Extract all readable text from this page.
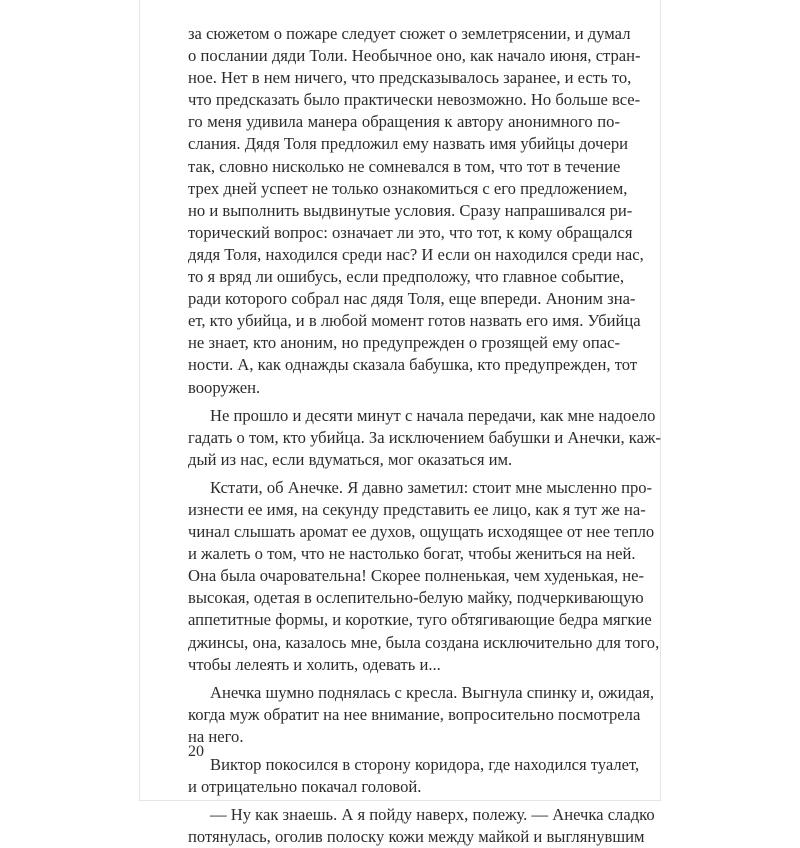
за сюжетом о пожаре следует сюжет о землетрясении, и думал
о послании дяди Толи. Необычное оно, как начало июня, стран-
ное. Нет в нем ничего, что предсказывалось заранее, и есть то,
что предсказать было практически невозможно. Но больше все-
го меня удивила манера обращения к автору анонимного по-
слания. Дядя Толя предложил ему назвать имя убийцы дочери
так, словно нисколько не сомневался в том, что тот в течение
трех дней успеет не только ознакомиться с его предложением,
но и выполнить выдвинутые условия. Сразу напрашивался ри-
торический вопрос: означает ли это, что тот, к кому обращался
дядя Толя, находился среди нас? И если он находился среди нас,
то я вряд ли ошибусь, если предположу, что главное событие,
ради которого собрал нас дядя Толя, еще впереди. Аноним зна-
ет, кто убийца, и в любой момент готов назвать его имя. Убийца
не знает, кто аноним, но предупрежден о грозящей ему опас-
ности. А, как однажды сказала бабушка, кто предупрежден, тот
вооружен.
Не прошло и десяти минут с начала передачи, как мне надоело
гадать о том, кто убийца. За исключением бабушки и Анечки, каж-
дый из нас, если вдуматься, мог оказаться им.
Кстати, об Анечке. Я давно заметил: стоит мне мысленно про-
изнести ее имя, на секунду представить ее лицо, как я тут же на-
чинал слышать аромат ее духов, ощущать исходящее от нее тепло
и жалеть о том, что не настолько богат, чтобы жениться на ней.
Она была очаровательна! Скорее полненькая, чем худенькая, не-
высокая, одетая в ослепительно-белую майку, подчеркивающую
аппетитные формы, и короткие, туго обтягивающие бедра мягкие
джинсы, она, казалось мне, была создана исключительно для того,
чтобы лелеять и холить, одевать и...
Анечка шумно поднялась с кресла. Выгнула спинку и, ожидая,
когда муж обратит на нее внимание, вопросительно посмотрела
на него.
Виктор покосился в сторону коридора, где находился туалет,
и отрицательно покачал головой.
— Ну как знаешь. А я пойду наверх, полежу. — Анечка сладко
потянулась, оголив полоску кожи между майкой и выглянувшим
20
